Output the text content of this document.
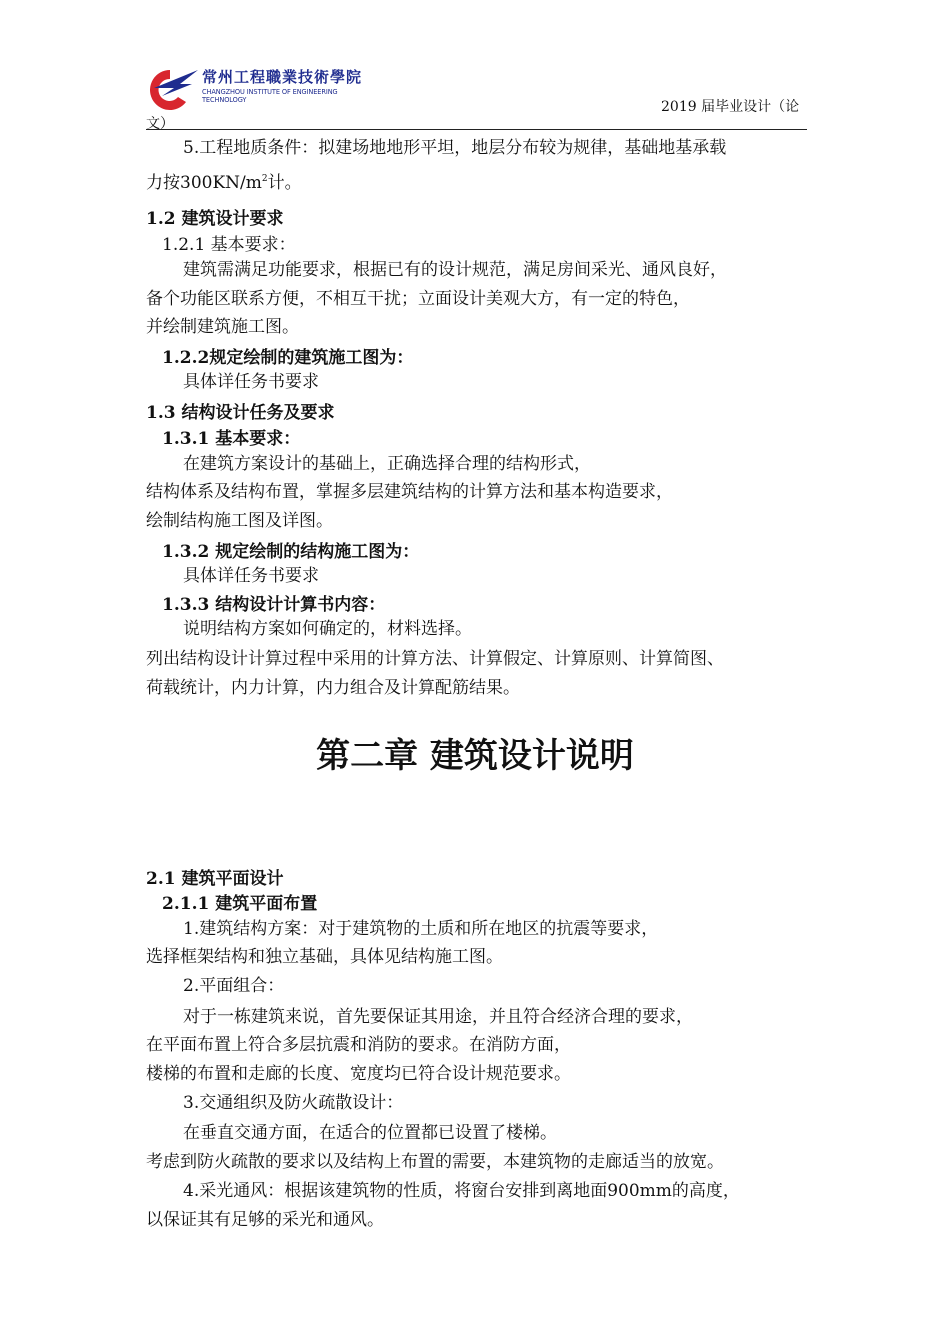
常州工程職業技術學院
CHANGZHOU INSTITUTE OF ENGINEERING TECHNOLOGY	2019 届毕业设计（论
文）
5.工程地质条件：拟建场地地形平坦，地层分布较为规律，基础地基承载
力按$300KN/m^2$计。
1.2 建筑设计要求
1.2.1 基本要求：
建筑需满足功能要求，根据已有的设计规范，满足房间采光、通风良好，
备个功能区联系方便，不相互干扰；立面设计美观大方，有一定的特色，
并绘制建筑施工图。
1.2.2规定绘制的建筑施工图为：
具体详任务书要求
1.3 结构设计任务及要求
1.3.1 基本要求：
在建筑方案设计的基础上，正确选择合理的结构形式，
结构体系及结构布置，掌握多层建筑结构的计算方法和基本构造要求，
绘制结构施工图及详图。
1.3.2 规定绘制的结构施工图为：
具体详任务书要求
1.3.3 结构设计计算书内容：
说明结构方案如何确定的，材料选择。
列出结构设计计算过程中采用的计算方法、计算假定、计算原则、计算简图、
荷载统计，内力计算，内力组合及计算配筋结果。
第二章 建筑设计说明
2.1 建筑平面设计
2.1.1 建筑平面布置
1.建筑结构方案：对于建筑物的土质和所在地区的抗震等要求，
选择框架结构和独立基础，具体见结构施工图。
2.平面组合：
对于一栋建筑来说，首先要保证其用途，并且符合经济合理的要求，
在平面布置上符合多层抗震和消防的要求。在消防方面，
楼梯的布置和走廊的长度、宽度均已符合设计规范要求。
3.交通组织及防火疏散设计：
在垂直交通方面，在适合的位置都已设置了楼梯。
考虑到防火疏散的要求以及结构上布置的需要，本建筑物的走廊适当的放宽。
4.采光通风：根据该建筑物的性质，将窗台安排到离地面900mm的高度，
以保证其有足够的采光和通风。
